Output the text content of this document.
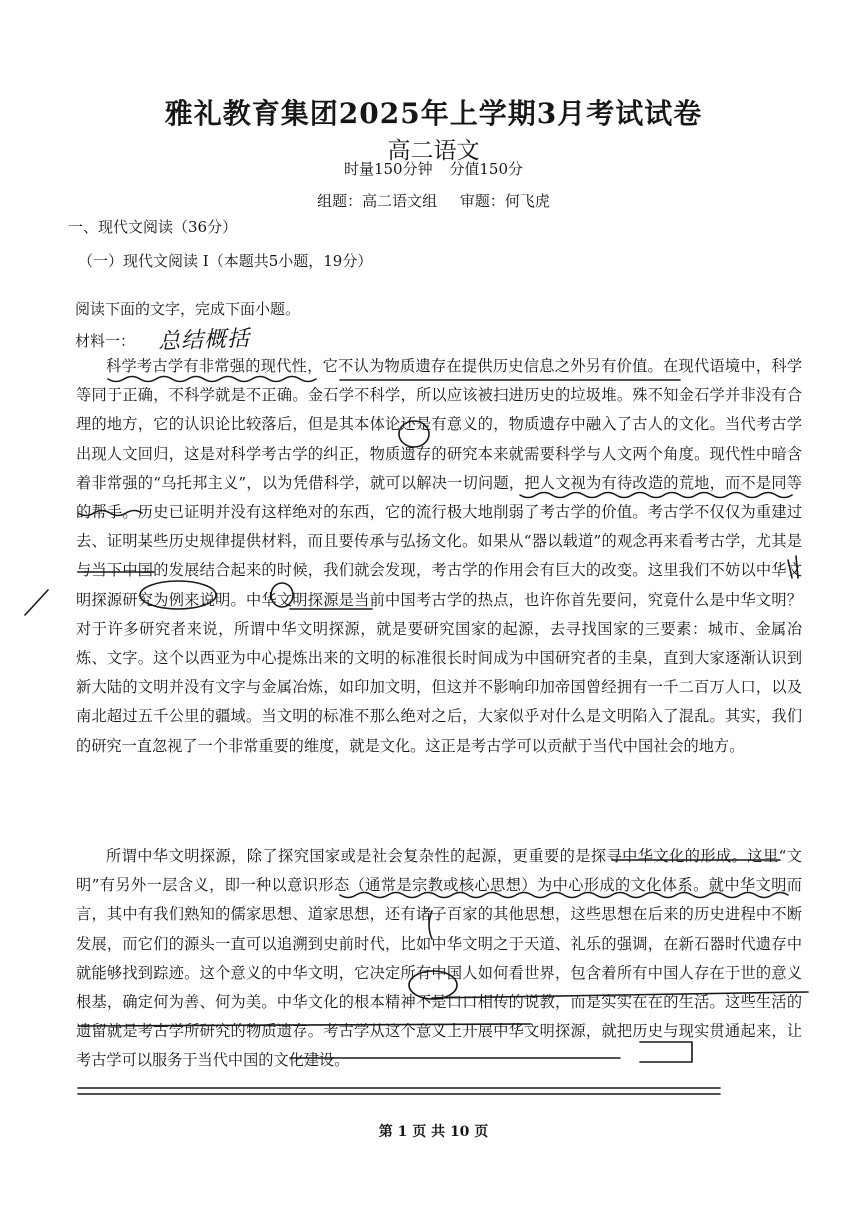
雅礼教育集团2025年上学期3月考试试卷
高二语文
时量150分钟 分值150分
组题：高二语文组 审题：何飞虎
一、现代文阅读（36分）
（一）现代文阅读 I（本题共5小题，19分）
阅读下面的文字，完成下面小题。
材料一： 总结概括
科学考古学有非常强的现代性，它不认为物质遗存在提供历史信息之外另有价值。在现代语境中，科学等同于正确，不科学就是不正确。金石学不科学，所以应该被扫进历史的垃圾堆。殊不知金石学并非没有合理的地方，它的认识论比较落后，但是其本体论还是有意义的，物质遗存中融入了古人的文化。当代考古学出现人文回归，这是对科学考古学的纠正，物质遗存的研究本来就需要科学与人文两个角度。现代性中暗含着非常强的“乌托邦主义”，以为凭借科学，就可以解决一切问题，把人文视为有待改造的荒地，而不是同等的帮手。历史已证明并没有这样绝对的东西，它的流行极大地削弱了考古学的价值。考古学不仅仅为重建过去、证明某些历史规律提供材料，而且要传承与弘扬文化。如果从“器以载道”的观念再来看考古学，尤其是与当下中国的发展结合起来的时候，我们就会发现，考古学的作用会有巨大的改变。这里我们不妨以中华文明探源研究为例来说明。中华文明探源是当前中国考古学的热点，也许你首先要问，究竟什么是中华文明？对于许多研究者来说，所谓中华文明探源，就是要研究国家的起源，去寻找国家的三要素：城市、金属冶炼、文字。这个以西亚为中心提炼出来的文明的标准很长时间成为中国研究者的圭臬，直到大家逐渐认识到新大陆的文明并没有文字与金属冶炼，如印加文明，但这并不影响印加帝国曾经拥有一千二百万人口，以及南北超过五千公里的疆域。当文明的标准不那么绝对之后，大家似乎对什么是文明陷入了混乱。其实，我们的研究一直忽视了一个非常重要的维度，就是文化。这正是考古学可以贡献于当代中国社会的地方。
所谓中华文明探源，除了探究国家或是社会复杂性的起源，更重要的是探寻中华文化的形成。这里“文明”有另外一层含义，即一种以意识形态（通常是宗教或核心思想）为中心形成的文化体系。就中华文明而言，其中有我们熟知的儒家思想、道家思想，还有诸子百家的其他思想，这些思想在后来的历史进程中不断发展，而它们的源头一直可以追溯到史前时代，比如中华文明之于天道、礼乐的强调，在新石器时代遗存中就能够找到踪迹。这个意义的中华文明，它决定所有中国人如何看世界，包含着所有中国人存在于世的意义根基，确定何为善、何为美。中华文化的根本精神不是口口相传的说教，而是实实在在的生活。这些生活的遗留就是考古学所研究的物质遗存。考古学从这个意义上开展中华文明探源，就把历史与现实贯通起来，让考古学可以服务于当代中国的文化建设。
第 1 页 共 10 页
